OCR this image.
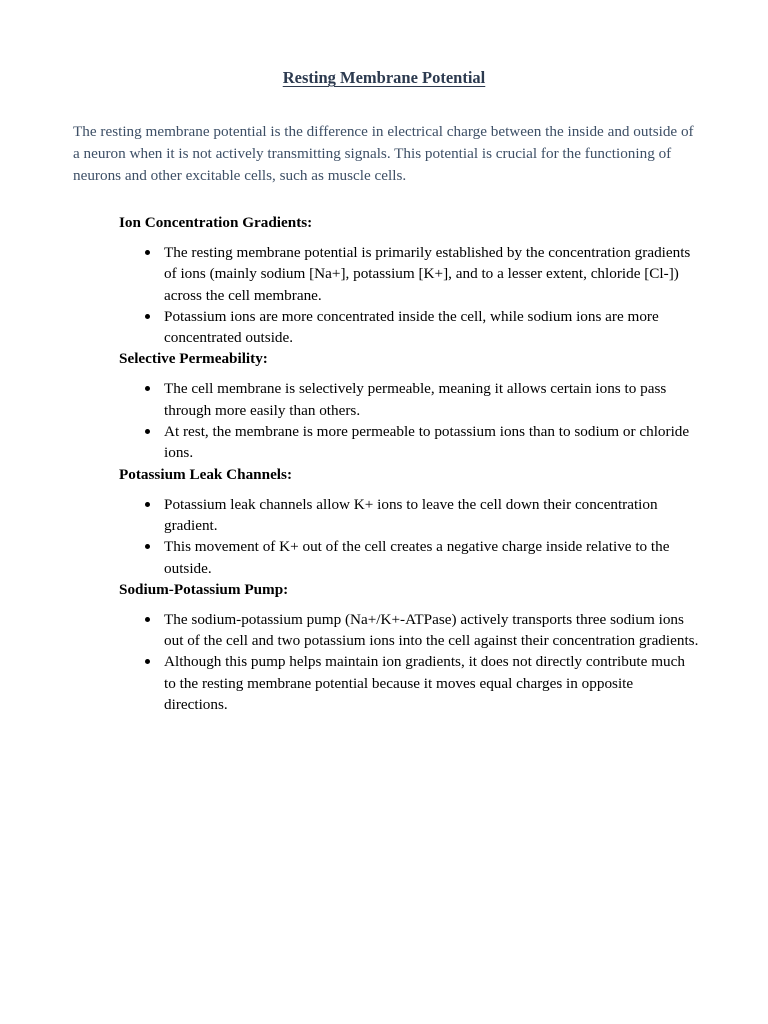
Resting Membrane Potential

The resting membrane potential is the difference in electrical charge between the inside and outside of a neuron when it is not actively transmitting signals. This potential is crucial for the functioning of neurons and other excitable cells, such as muscle cells.

Ion Concentration Gradients:
The resting membrane potential is primarily established by the concentration gradients of ions (mainly sodium [Na+], potassium [K+], and to a lesser extent, chloride [Cl-]) across the cell membrane.
Potassium ions are more concentrated inside the cell, while sodium ions are more concentrated outside.
Selective Permeability:
The cell membrane is selectively permeable, meaning it allows certain ions to pass through more easily than others.
At rest, the membrane is more permeable to potassium ions than to sodium or chloride ions.
Potassium Leak Channels:
Potassium leak channels allow K+ ions to leave the cell down their concentration gradient.
This movement of K+ out of the cell creates a negative charge inside relative to the outside.
Sodium-Potassium Pump:
The sodium-potassium pump (Na+/K+-ATPase) actively transports three sodium ions out of the cell and two potassium ions into the cell against their concentration gradients.
Although this pump helps maintain ion gradients, it does not directly contribute much to the resting membrane potential because it moves equal charges in opposite directions.
